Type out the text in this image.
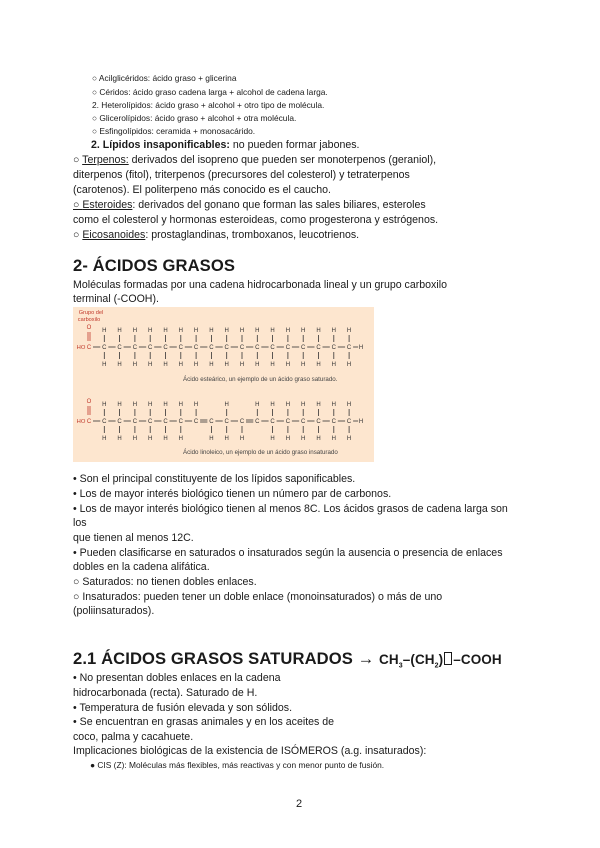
○ Acilglicéridos: ácido graso + glicerina
○ Céridos: ácido graso cadena larga + alcohol de cadena larga.
2. Heterolípidos: ácido graso + alcohol + otro tipo de molécula.
○ Glicerolípidos: ácido graso + alcohol + otra molécula.
○ Esfingolípidos: ceramida + monosacárido.
2. Lípidos insaponificables: no pueden formar jabones.
○ Terpenos: derivados del isopreno que pueden ser monoterpenos (geraniol),
diterpenos (fitol), triterpenos (precursores del colesterol) y tetraterpenos
(carotenos). El politerpeno más conocido es el caucho.
○ Esteroides: derivados del gonano que forman las sales biliares, esteroles
como el colesterol y hormonas esteroideas, como progesterona y estrógenos.
○ Eicosanoides: prostaglandinas, tromboxanos, leucotrienos.
2- ÁCIDOS GRASOS
Moléculas formadas por una cadena hidrocarbonada lineal y un grupo carboxilo
terminal (-COOH).
Grupo del
carboxilo
HO
O
C C
H
H
C
H
H
C
H
H
C
H
H
C
H
H
C
H
H
C
H
H
C
H
H
C
H
H
C
H
H
C
H
H
C
H
H
C
H
H
C
H
H
C
H
H
C
H
H
C
H
H
H
HO
O
C C
H
H
C
H
H
C
H
H
C
H
H
C
H
H
C
H
H
C
H
C
H
C
H
H
C
H
C
H
C
H
H
C
H
H
C
H
H
C
H
H
C
H
H
C
H
H
H
Ácido esteárico, un ejemplo de un ácido graso saturado.
Ácido linoleico, un ejemplo de un ácido graso insaturado
• Son el principal constituyente de los lípidos saponificables.
• Los de mayor interés biológico tienen un número par de carbonos.
• Los de mayor interés biológico tienen al menos 8C. Los ácidos grasos de cadena larga son
los
que tienen al menos 12C.
• Pueden clasificarse en saturados o insaturados según la ausencia o presencia de enlaces
dobles en la cadena alifática.
○ Saturados: no tienen dobles enlaces.
○ Insaturados: pueden tener un doble enlace (monoinsaturados) o más de uno
(poliinsaturados).
2.1 ÁCIDOS GRASOS SATURADOS → $CH_3-(CH_2)$ –COOH
• No presentan dobles enlaces en la cadena
hidrocarbonada (recta). Saturado de H.
• Temperatura de fusión elevada y son sólidos.
• Se encuentran en grasas animales y en los aceites de
coco, palma y cacahuete.
Implicaciones biológicas de la existencia de ISÓMEROS (a.g. insaturados):
● CIS (Z): Moléculas más flexibles, más reactivas y con menor punto de fusión.
2
